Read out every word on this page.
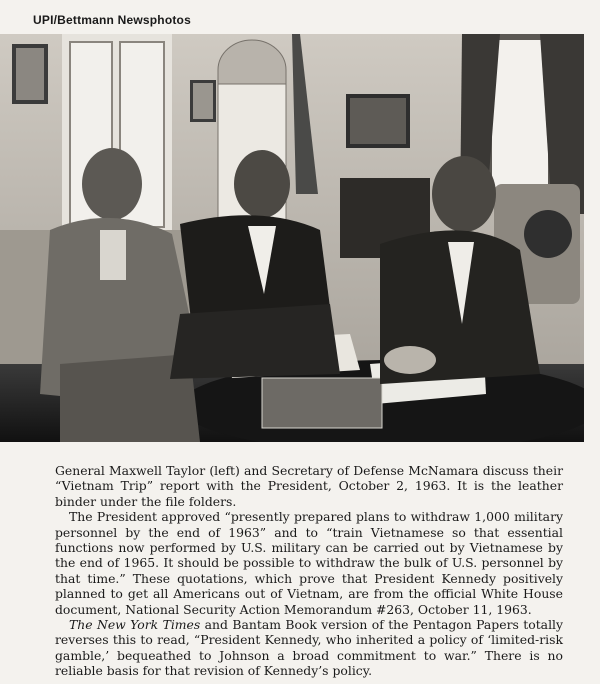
UPI/Bettmann Newsphotos

General Maxwell Taylor (left) and Secretary of Defense McNamara discuss their “Vietnam Trip” report with the President, October 2, 1963. It is the leather binder under the file folders.

The President approved “presently prepared plans to withdraw 1,000 military personnel by the end of 1963” and to “train Vietnamese so that essential functions now performed by U.S. military can be carried out by Vietnamese by the end of 1965. It should be possible to withdraw the bulk of U.S. personnel by that time.” These quotations, which prove that President Kennedy positively planned to get all Americans out of Vietnam, are from the official White House document, National Security Action Memorandum #263, October 11, 1963.

The New York Times and Bantam Book version of the Pentagon Papers totally reverses this to read, “President Kennedy, who inherited a policy of ‘limited-risk gamble,’ bequeathed to Johnson a broad commitment to war.” There is no reliable basis for that revision of Kennedy’s policy.
